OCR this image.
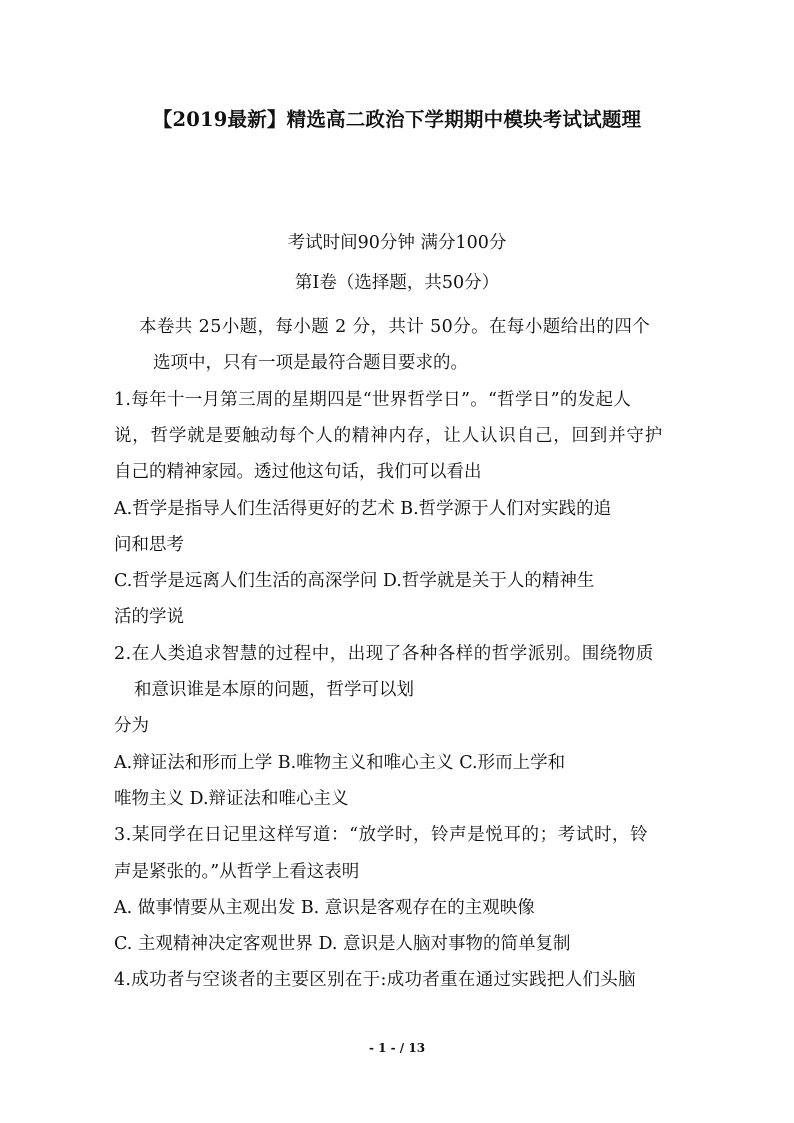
【2019最新】精选高二政治下学期期中模块考试试题理
考试时间90分钟 满分100分
第Ⅰ卷（选择题，共50分）
本卷共 25小题，每小题 2 分，共计 50分。在每小题给出的四个
选项中，只有一项是最符合题目要求的。
1.每年十一月第三周的星期四是“世界哲学日”。“哲学日”的发起人
说，哲学就是要触动每个人的精神内存，让人认识自己，回到并守护
自己的精神家园。透过他这句话，我们可以看出
A.哲学是指导人们生活得更好的艺术 B.哲学源于人们对实践的追
问和思考
C.哲学是远离人们生活的高深学问 D.哲学就是关于人的精神生
活的学说
2.在人类追求智慧的过程中，出现了各种各样的哲学派别。围绕物质
和意识谁是本原的问题，哲学可以划
分为
A.辩证法和形而上学 B.唯物主义和唯心主义 C.形而上学和
唯物主义 D.辩证法和唯心主义
3.某同学在日记里这样写道：“放学时，铃声是悦耳的；考试时，铃
声是紧张的。”从哲学上看这表明
A. 做事情要从主观出发 B. 意识是客观存在的主观映像
C. 主观精神决定客观世界 D. 意识是人脑对事物的简单复制
4.成功者与空谈者的主要区别在于:成功者重在通过实践把人们头脑
- 1 - / 13
